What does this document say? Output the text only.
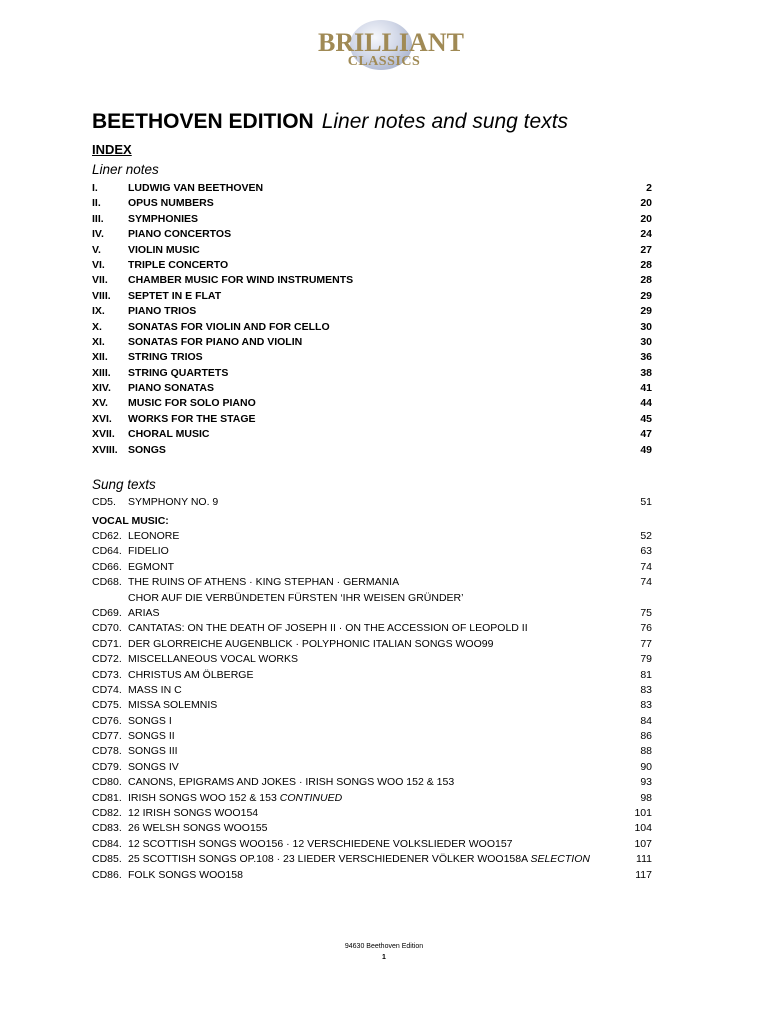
BRILLIANT
CLASSICS
BEETHOVEN EDITION Liner notes and sung texts
INDEX
Liner notes
I.	LUDWIG VAN BEETHOVEN	2
II.	OPUS NUMBERS	20
III. SYMPHONIES	20
IV. PIANO CONCERTOS	24
V.	VIOLIN MUSIC	27
VI. TRIPLE CONCERTO	28
VII. CHAMBER MUSIC FOR WIND INSTRUMENTS	28
VIII. SEPTET IN E FLAT	29
IX. PIANO TRIOS	29
X. SONATAS FOR VIOLIN AND FOR CELLO	30
XI. SONATAS FOR PIANO AND VIOLIN	30
XII. STRING TRIOS	36
XIII. STRING QUARTETS	38
XIV. PIANO SONATAS	41
XV. MUSIC FOR SOLO PIANO	44
XVI. WORKS FOR THE STAGE	45
XVII. CHORAL MUSIC	47
XVIII. SONGS	49
Sung texts
CD5. SYMPHONY NO. 9	51
VOCAL MUSIC:
CD62. LEONORE	52
CD64. FIDELIO	63
CD66. EGMONT	74
CD68. THE RUINS OF ATHENS · KING STEPHAN · GERMANIA	74
CHOR AUF DIE VERBÜNDETEN FÜRSTEN ‘IHR WEISEN GRÜNDER’
CD69. ARIAS	75
CD70. CANTATAS: ON THE DEATH OF JOSEPH II · ON THE ACCESSION OF LEOPOLD II	76
CD71. DER GLORREICHE AUGENBLICK · POLYPHONIC ITALIAN SONGS WOO99	77
CD72. MISCELLANEOUS VOCAL WORKS	79
CD73. CHRISTUS AM ÖLBERGE	81
CD74. MASS IN C	83
CD75. MISSA SOLEMNIS	83
CD76. SONGS I	84
CD77. SONGS II	86
CD78. SONGS III	88
CD79. SONGS IV	90
CD80. CANONS, EPIGRAMS AND JOKES · IRISH SONGS WOO 152 & 153	93
CD81. IRISH SONGS WOO 152 & 153 CONTINUED	98
CD82. 12 IRISH SONGS WOO154	101
CD83. 26 WELSH SONGS WOO155	104
CD84. 12 SCOTTISH SONGS WOO156 · 12 VERSCHIEDENE VOLKSLIEDER WOO157	107
CD85. 25 SCOTTISH SONGS OP.108 · 23 LIEDER VERSCHIEDENER VÖLKER WOO158A SELECTION	111
CD86. FOLK SONGS WOO158	117
94630 Beethoven Edition
1
